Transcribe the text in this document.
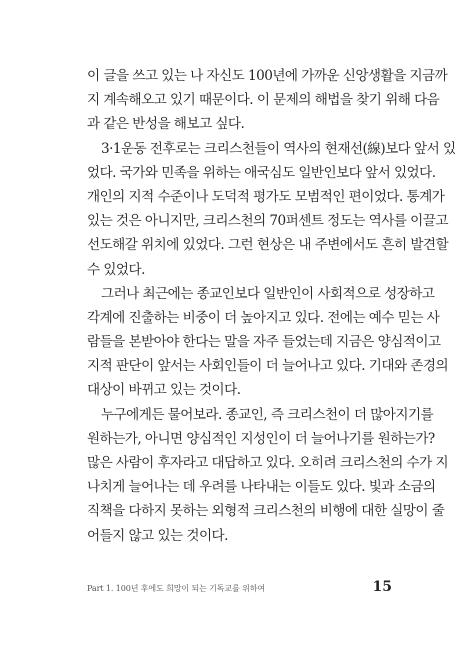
이 글을 쓰고 있는 나 자신도 100년에 가까운 신앙생활을 지금까
지 계속해오고 있기 때문이다. 이 문제의 해법을 찾기 위해 다음
과 같은 반성을 해보고 싶다.
3·1운동 전후로는 크리스천들이 역사의 현재선(線)보다 앞서 있
었다. 국가와 민족을 위하는 애국심도 일반인보다 앞서 있었다.
개인의 지적 수준이나 도덕적 평가도 모범적인 편이었다. 통계가
있는 것은 아니지만, 크리스천의 70퍼센트 정도는 역사를 이끌고
선도해갈 위치에 있었다. 그런 현상은 내 주변에서도 흔히 발견할
수 있었다.
그러나 최근에는 종교인보다 일반인이 사회적으로 성장하고
각계에 진출하는 비중이 더 높아지고 있다. 전에는 예수 믿는 사
람들을 본받아야 한다는 말을 자주 들었는데 지금은 양심적이고
지적 판단이 앞서는 사회인들이 더 늘어나고 있다. 기대와 존경의
대상이 바뀌고 있는 것이다.
누구에게든 물어보라. 종교인, 즉 크리스천이 더 많아지기를
원하는가, 아니면 양심적인 지성인이 더 늘어나기를 원하는가?
많은 사람이 후자라고 대답하고 있다. 오히려 크리스천의 수가 지
나치게 늘어나는 데 우려를 나타내는 이들도 있다. 빛과 소금의
직책을 다하지 못하는 외형적 크리스천의 비행에 대한 실망이 줄
어들지 않고 있는 것이다.
Part 1. 100년 후에도 희망이 되는 기독교를 위하여	15
